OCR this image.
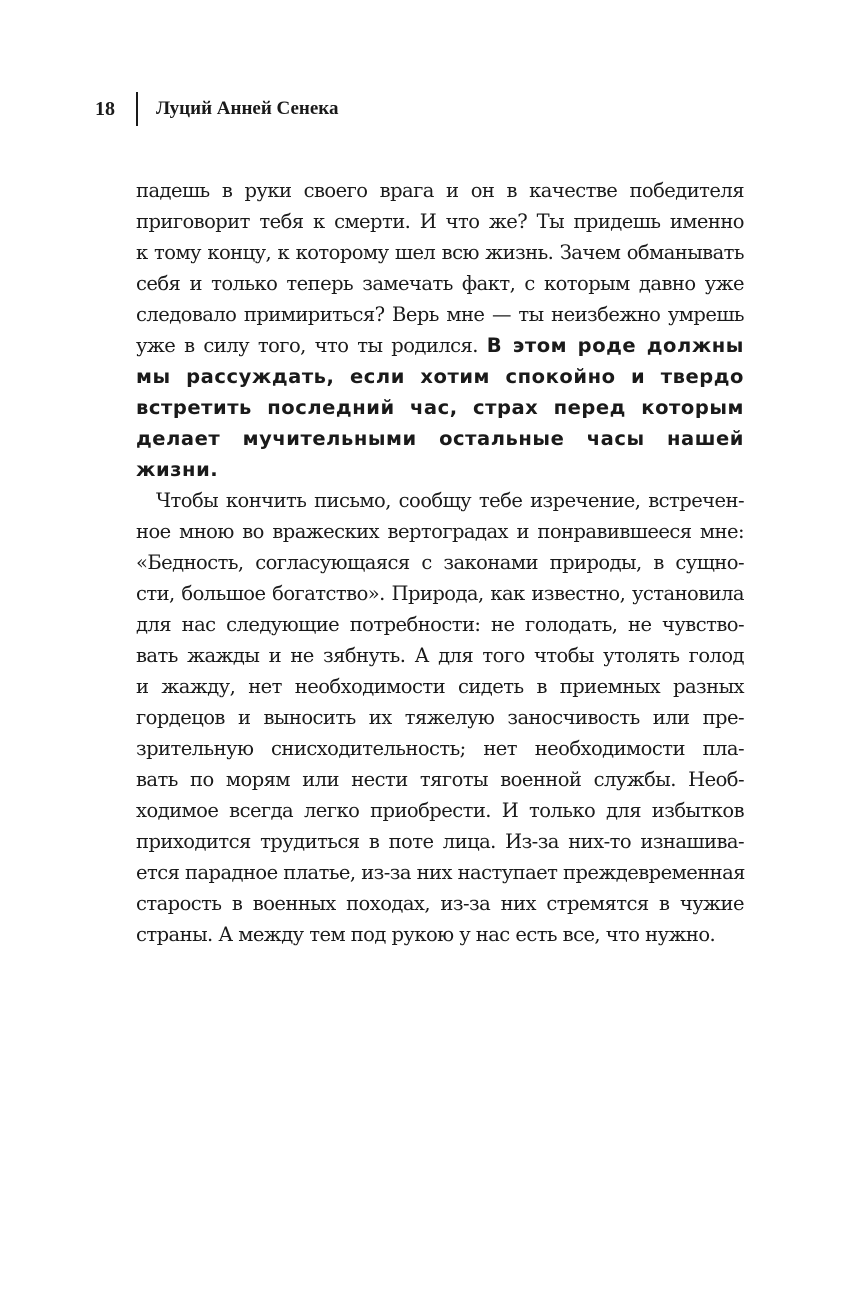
18	Луций Анней Сенека
падешь в руки своего врага и он в качестве победителя
приговорит тебя к смерти. И что же? Ты придешь именно
к тому концу, к которому шел всю жизнь. Зачем обманывать
себя и только теперь замечать факт, с которым давно уже
следовало примириться? Верь мне — ты неизбежно умрешь
уже в силу того, что ты родился. В этом роде должны
мы рассуждать, если хотим спокойно и твердо
встретить последний час, страх перед которым
делает мучительными остальные часы нашей
жизни.
Чтобы кончить письмо, сообщу тебе изречение, встречен-
ное мною во вражеских вертоградах и понравившееся мне:
«Бедность, согласующаяся с законами природы, в сущно-
сти, большое богатство». Природа, как известно, установила
для нас следующие потребности: не голодать, не чувство-
вать жажды и не зябнуть. А для того чтобы утолять голод
и жажду, нет необходимости сидеть в приемных разных
гордецов и выносить их тяжелую заносчивость или пре-
зрительную снисходительность; нет необходимости пла-
вать по морям или нести тяготы военной службы. Необ-
ходимое всегда легко приобрести. И только для избытков
приходится трудиться в поте лица. Из-за них-то изнашива-
ется парадное платье, из-за них наступает преждевременная
старость в военных походах, из-за них стремятся в чужие
страны. А между тем под рукою у нас есть все, что нужно.
